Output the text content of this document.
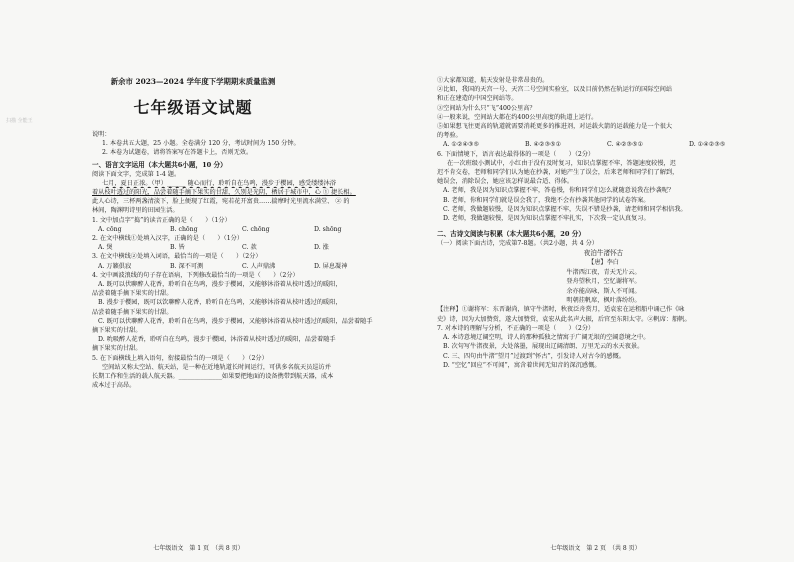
扫描 全能王
新余市 2023—2024 学年度下学期期末质量监测
七年级语文试题
说明：
1. 本卷共五大题，25 小题。全卷满分 120 分，考试时间为 150 分钟。
2. 本卷为试题卷，请将答案写在答题卡上，否则无效。
一、语言文字运用（本大题共6小题，10 分）
阅读下面文字，完成第 1-4 题。
七月，夏日正浓。（甲）______ 随心而行，聆听自在鸟鸣，漫步于樱园，感受缕缕沐浴
着从枝叶透过的阳光，品尝着随手摘下果实的甘甜，久别是光阴，栖居于城市中，心 ① 捷长相。
此人心诗，三杯两盏清淡下，脸上便现了红霞，宛若花开富贵……揣摩时光里流水满堂、 ② 的
林间，陶渊明诗里的田园生活。
1. 文中加点字“捣”的读音正确的是（　　）（1分）
A. cōng	B. chōng	C. chōng	D. shōng
2. 在文中横线①处填入汉字，正确的是（　　）（1分）
A. 煲	B. 皆	C. 款	D. 涨
3. 在文中横线②处填入词语，最恰当的一项是（　　）（2分）
A. 万籁俱寂	B. 深不可测	C. 人声鼎沸	D. 屏息凝神
4. 文中画波浪线的句子存在语病，下列修改最恰当的一项是（　　）（2分）
A. 既可以伏聊醉人花香，聆听自在鸟鸣，漫步于樱园，又能够沐浴着从枝叶透过的暖阳，
品尝着随手摘下果实的甘甜。
B. 漫步于樱园，既可以饮聊醉人花香，聆听自在鸟鸣，又能够沐浴着从枝叶透过的暖阳，
品尝着随手摘下果实的甘甜。
C. 既可以伏聊醉人花香，聆听自在鸟鸣，漫步于樱园，又能够沐浴着从枝叶透过的暖阳，品尝着随手
摘下果实的甘甜。
D. 吮吸醉人花香，聆听自在鸟鸣，漫步于樱园，沐浴着从枝叶透过的暖阳，品尝着随手
摘下果实的甘甜。
5. 在下面横线上填入语句，衔接最恰当的一项是（　　）（2分）
空间站又称太空站、航天站，是一种在近地轨道长时间运行，可供多名航天员巡访并
长期工作和生活的载人航天器。______________如果要把地面的设备携带到航天器，成本
成本过于高昂。
七年级语文　第 1 页　（共 8 页）
①大家都知道，航天发射是非常昂贵的。
②比如，我国的天宫一号、天宫二号空间实验室，以及目前仍然在轨运行的国际空间站
和正在建造的中国空间站等。
③空间站为什么只“飞”400公里高？
④一般来说，空间站大都在约400公里高度的轨道上运行。
⑤如果想飞往更高的轨道就需要消耗更多的推进剂，对运载火箭的运载能力是一个很大
的考验。
A. ①②④③⑤	B. ④②③⑤①	C. ④②③⑤①	D. ①④②③⑤
6. 下面情境下，语言表达最得体的一项是（　　）（2分）
在一次班级小测试中，小红由于没有及时复习，知识点掌握不牢，答题速度较慢，迟
迟不肯交卷，老师和同学们认为她在抄袭，对她产生了误会，后来老师和同学们了解到，
她误会，消除误会，她应该怎样说最合适、得体。
A. 老师，我是因为知识点掌握不牢，答卷慢，你和同学们怎么就随意说我在抄袭呢？
B. 老师，你和同学们就是误会我了，我绝不会有抄袭其他同学的试卷答案。
C. 老师，我做题较慢，是因为知识点掌握不牢，失误不错是抄袭，请老师和同学相信我。
D. 老师，我做题较慢，是因为知识点掌握不牢扎实，下次我一定认真复习。
二、古诗文阅读与积累（本大题共6小题，20 分）
（一）阅读下面古诗，完成第7-8题。（共2小题，共 4 分）
夜泊牛渚怀古
【唐】李白
牛渚西江夜，青天无片云。
登舟望秋月，空忆谢将军。
余亦能高咏，斯人不可闻。
明朝挂帆席，枫叶落纷纷。
【注释】①谢将军：东晋谢尚，镇守牛渚时，秋夜泛舟赏月，适袁宏在运租船中诵己作《咏
史》诗，因为大加赞赏，遂大加赞赏，袁宏从此名声大振，后官至东阳太守。②帆席：船帆。
7. 对本诗的理解与分析，不正确的一项是（　　）（2分）
A. 本诗意境辽阔空明，诗人的那种孤独之情寓于广阔无垠的空阔意境之中。
B. 次句写牛渚夜景，大处落墨，展现出辽阔清朗、万里无云的水天夜景。
C. 三、四句由牛渚“望月”过渡到“怀古”，引发诗人对古今的感慨。
D. “空忆”回应“不可闻”，寓含着世间无知音的深沉感慨。
七年级语文　第 2 页　（共 8 页）
